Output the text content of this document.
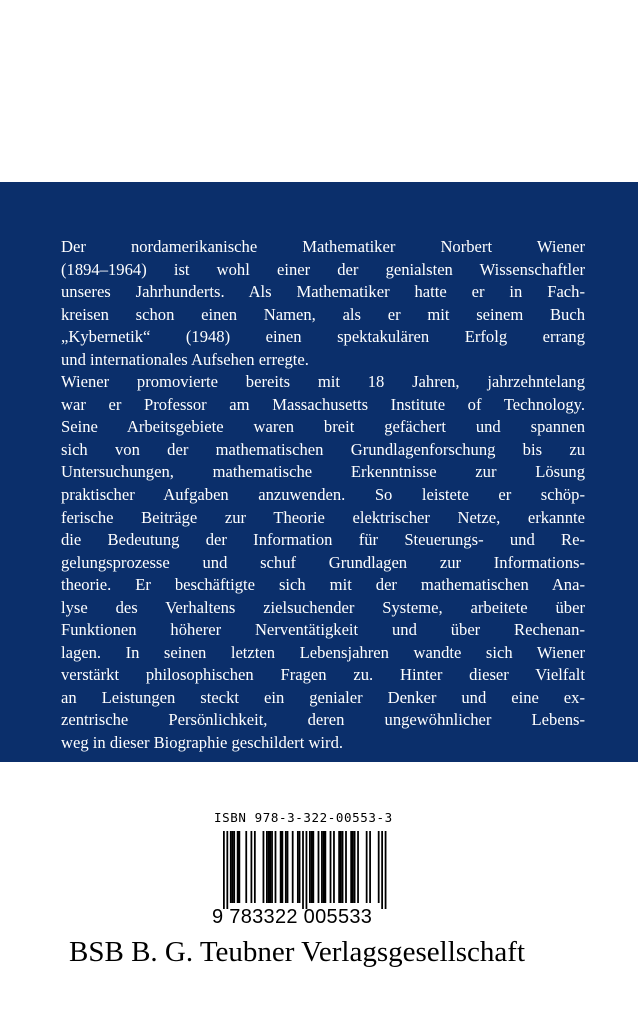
Der nordamerikanische Mathematiker Norbert Wiener

(1894–1964) ist wohl einer der genialsten Wissenschaftler

unseres Jahrhunderts. Als Mathematiker hatte er in Fach-

kreisen schon einen Namen, als er mit seinem Buch

„Kybernetik“ (1948) einen spektakulären Erfolg errang

und internationales Aufsehen erregte.

Wiener promovierte bereits mit 18 Jahren, jahrzehntelang

war er Professor am Massachusetts Institute of Technology.

Seine Arbeitsgebiete waren breit gefächert und spannen

sich von der mathematischen Grundlagenforschung bis zu

Untersuchungen, mathematische Erkenntnisse zur Lösung

praktischer Aufgaben anzuwenden. So leistete er schöp-

ferische Beiträge zur Theorie elektrischer Netze, erkannte

die Bedeutung der Information für Steuerungs- und Re-

gelungsprozesse und schuf Grundlagen zur Informations-

theorie. Er beschäftigte sich mit der mathematischen Ana-

lyse des Verhaltens zielsuchender Systeme, arbeitete über

Funktionen höherer Nerventätigkeit und über Rechenan-

lagen. In seinen letzten Lebensjahren wandte sich Wiener

verstärkt philosophischen Fragen zu. Hinter dieser Vielfalt

an Leistungen steckt ein genialer Denker und eine ex-

zentrische Persönlichkeit, deren ungewöhnlicher Lebens-

weg in dieser Biographie geschildert wird.

ISBN 978-3-322-00553-3
9 783322 005533
BSB B. G. Teubner Verlagsgesellschaft
